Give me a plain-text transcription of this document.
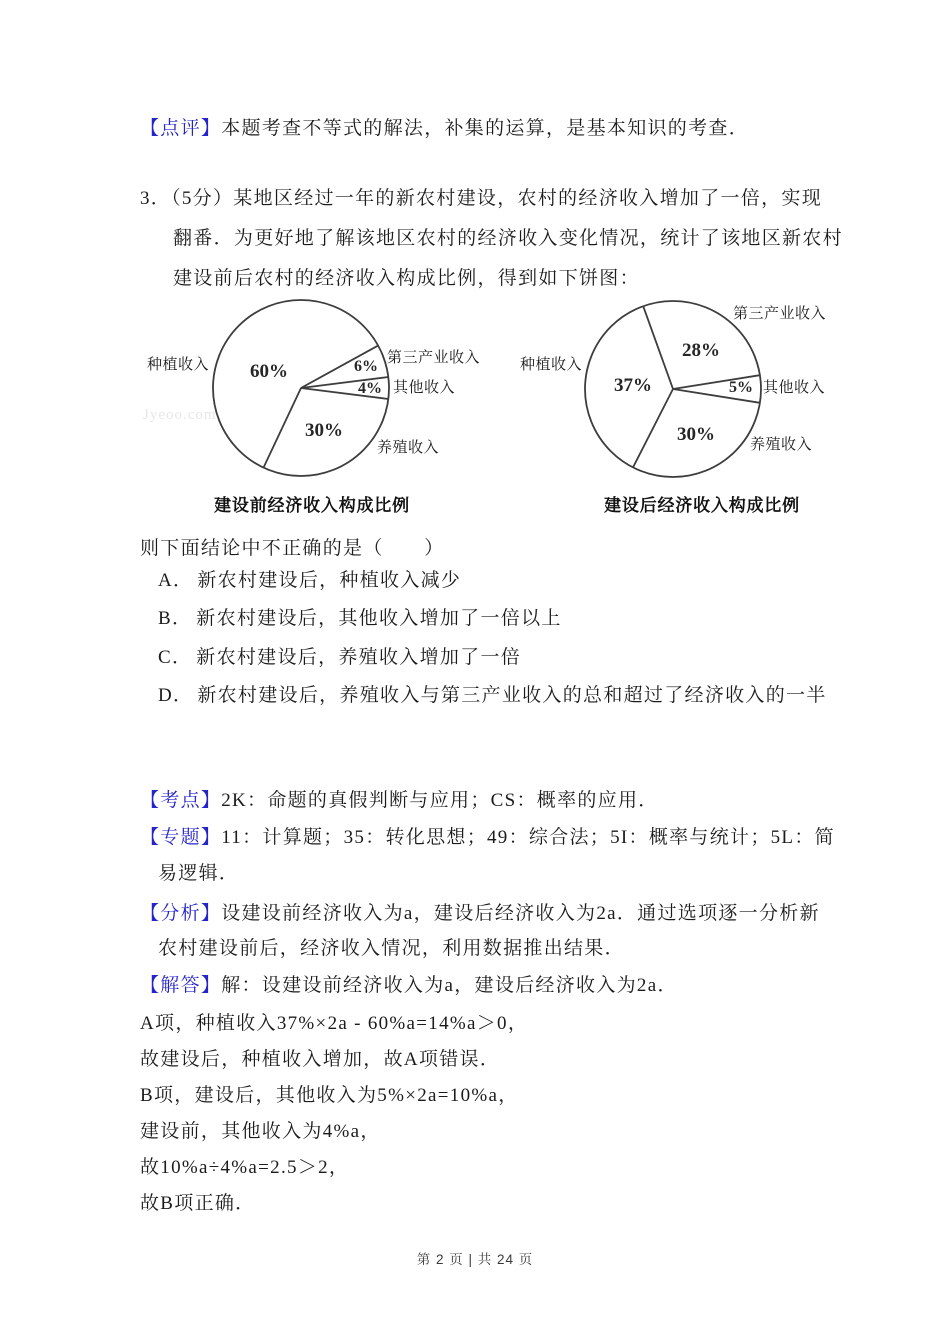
【点评】本题考查不等式的解法，补集的运算，是基本知识的考查．
3．（5分）某地区经过一年的新农村建设，农村的经济收入增加了一倍，实现
翻番．为更好地了解该地区农村的经济收入变化情况，统计了该地区新农村
建设前后农村的经济收入构成比例，得到如下饼图：
Jyeoo.com
种植收入 60%	6%
4%
30%
第三产业收入
其他收入
养殖收入
建设前经济收入构成比例
种植收入
37%
28%
5%
30%
第三产业收入
其他收入
养殖收入
建设后经济收入构成比例
则下面结论中不正确的是（　　）
A． 新农村建设后，种植收入减少
B． 新农村建设后，其他收入增加了一倍以上
C． 新农村建设后，养殖收入增加了一倍
D． 新农村建设后，养殖收入与第三产业收入的总和超过了经济收入的一半
【考点】2K：命题的真假判断与应用；CS：概率的应用．
【专题】11：计算题；35：转化思想；49：综合法；5I：概率与统计；5L：简
易逻辑．
【分析】设建设前经济收入为a，建设后经济收入为2a．通过选项逐一分析新
农村建设前后，经济收入情况，利用数据推出结果．
【解答】解：设建设前经济收入为a，建设后经济收入为2a．
A项，种植收入37%×2a - 60%a=14%a＞0，
故建设后，种植收入增加，故A项错误．
B项，建设后，其他收入为5%×2a=10%a，
建设前，其他收入为4%a，
故10%a÷4%a=2.5＞2，
故B项正确．
第 2 页 | 共 24 页
